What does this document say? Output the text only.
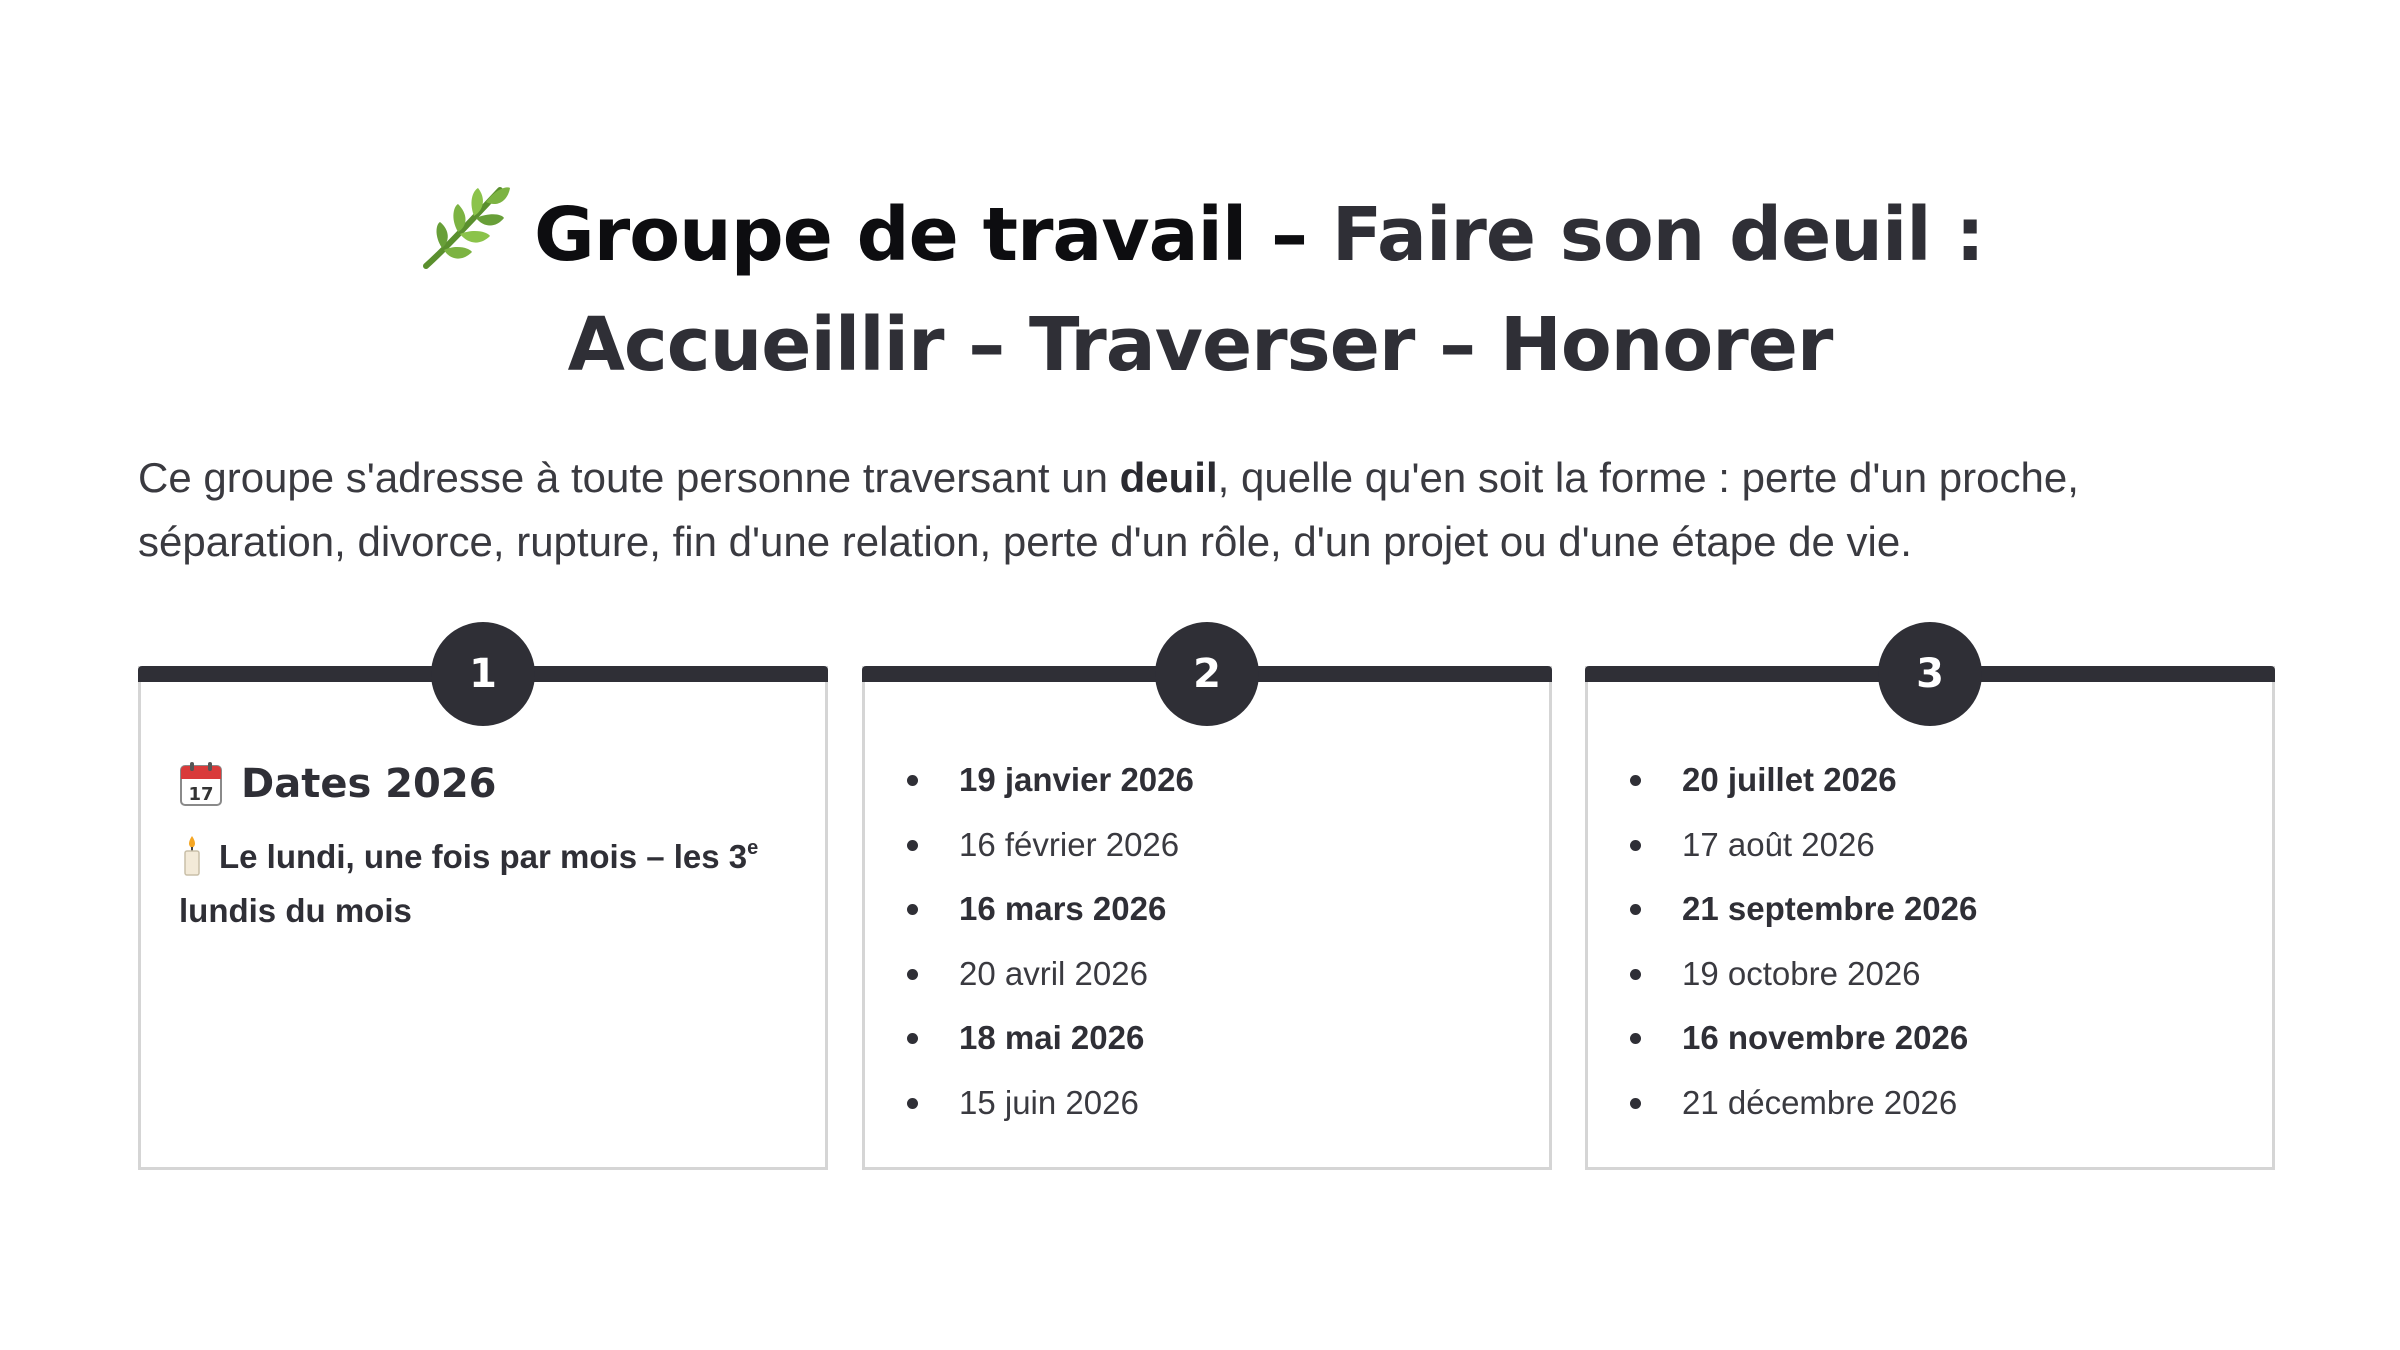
Groupe de travail – Faire son deuil :
Accueillir – Traverser – Honorer

Ce groupe s'adresse à toute personne traversant un deuil, quelle qu'en soit la forme : perte d'un proche, séparation, divorce, rupture, fin d'une relation, perte d'un rôle, d'un projet ou d'une étape de vie.

1
17 Dates 2026

Le lundi, une fois par mois – les 3e lundis du mois

2
19 janvier 2026
16 février 2026
16 mars 2026
20 avril 2026
18 mai 2026
15 juin 2026
3
20 juillet 2026
17 août 2026
21 septembre 2026
19 octobre 2026
16 novembre 2026
21 décembre 2026
